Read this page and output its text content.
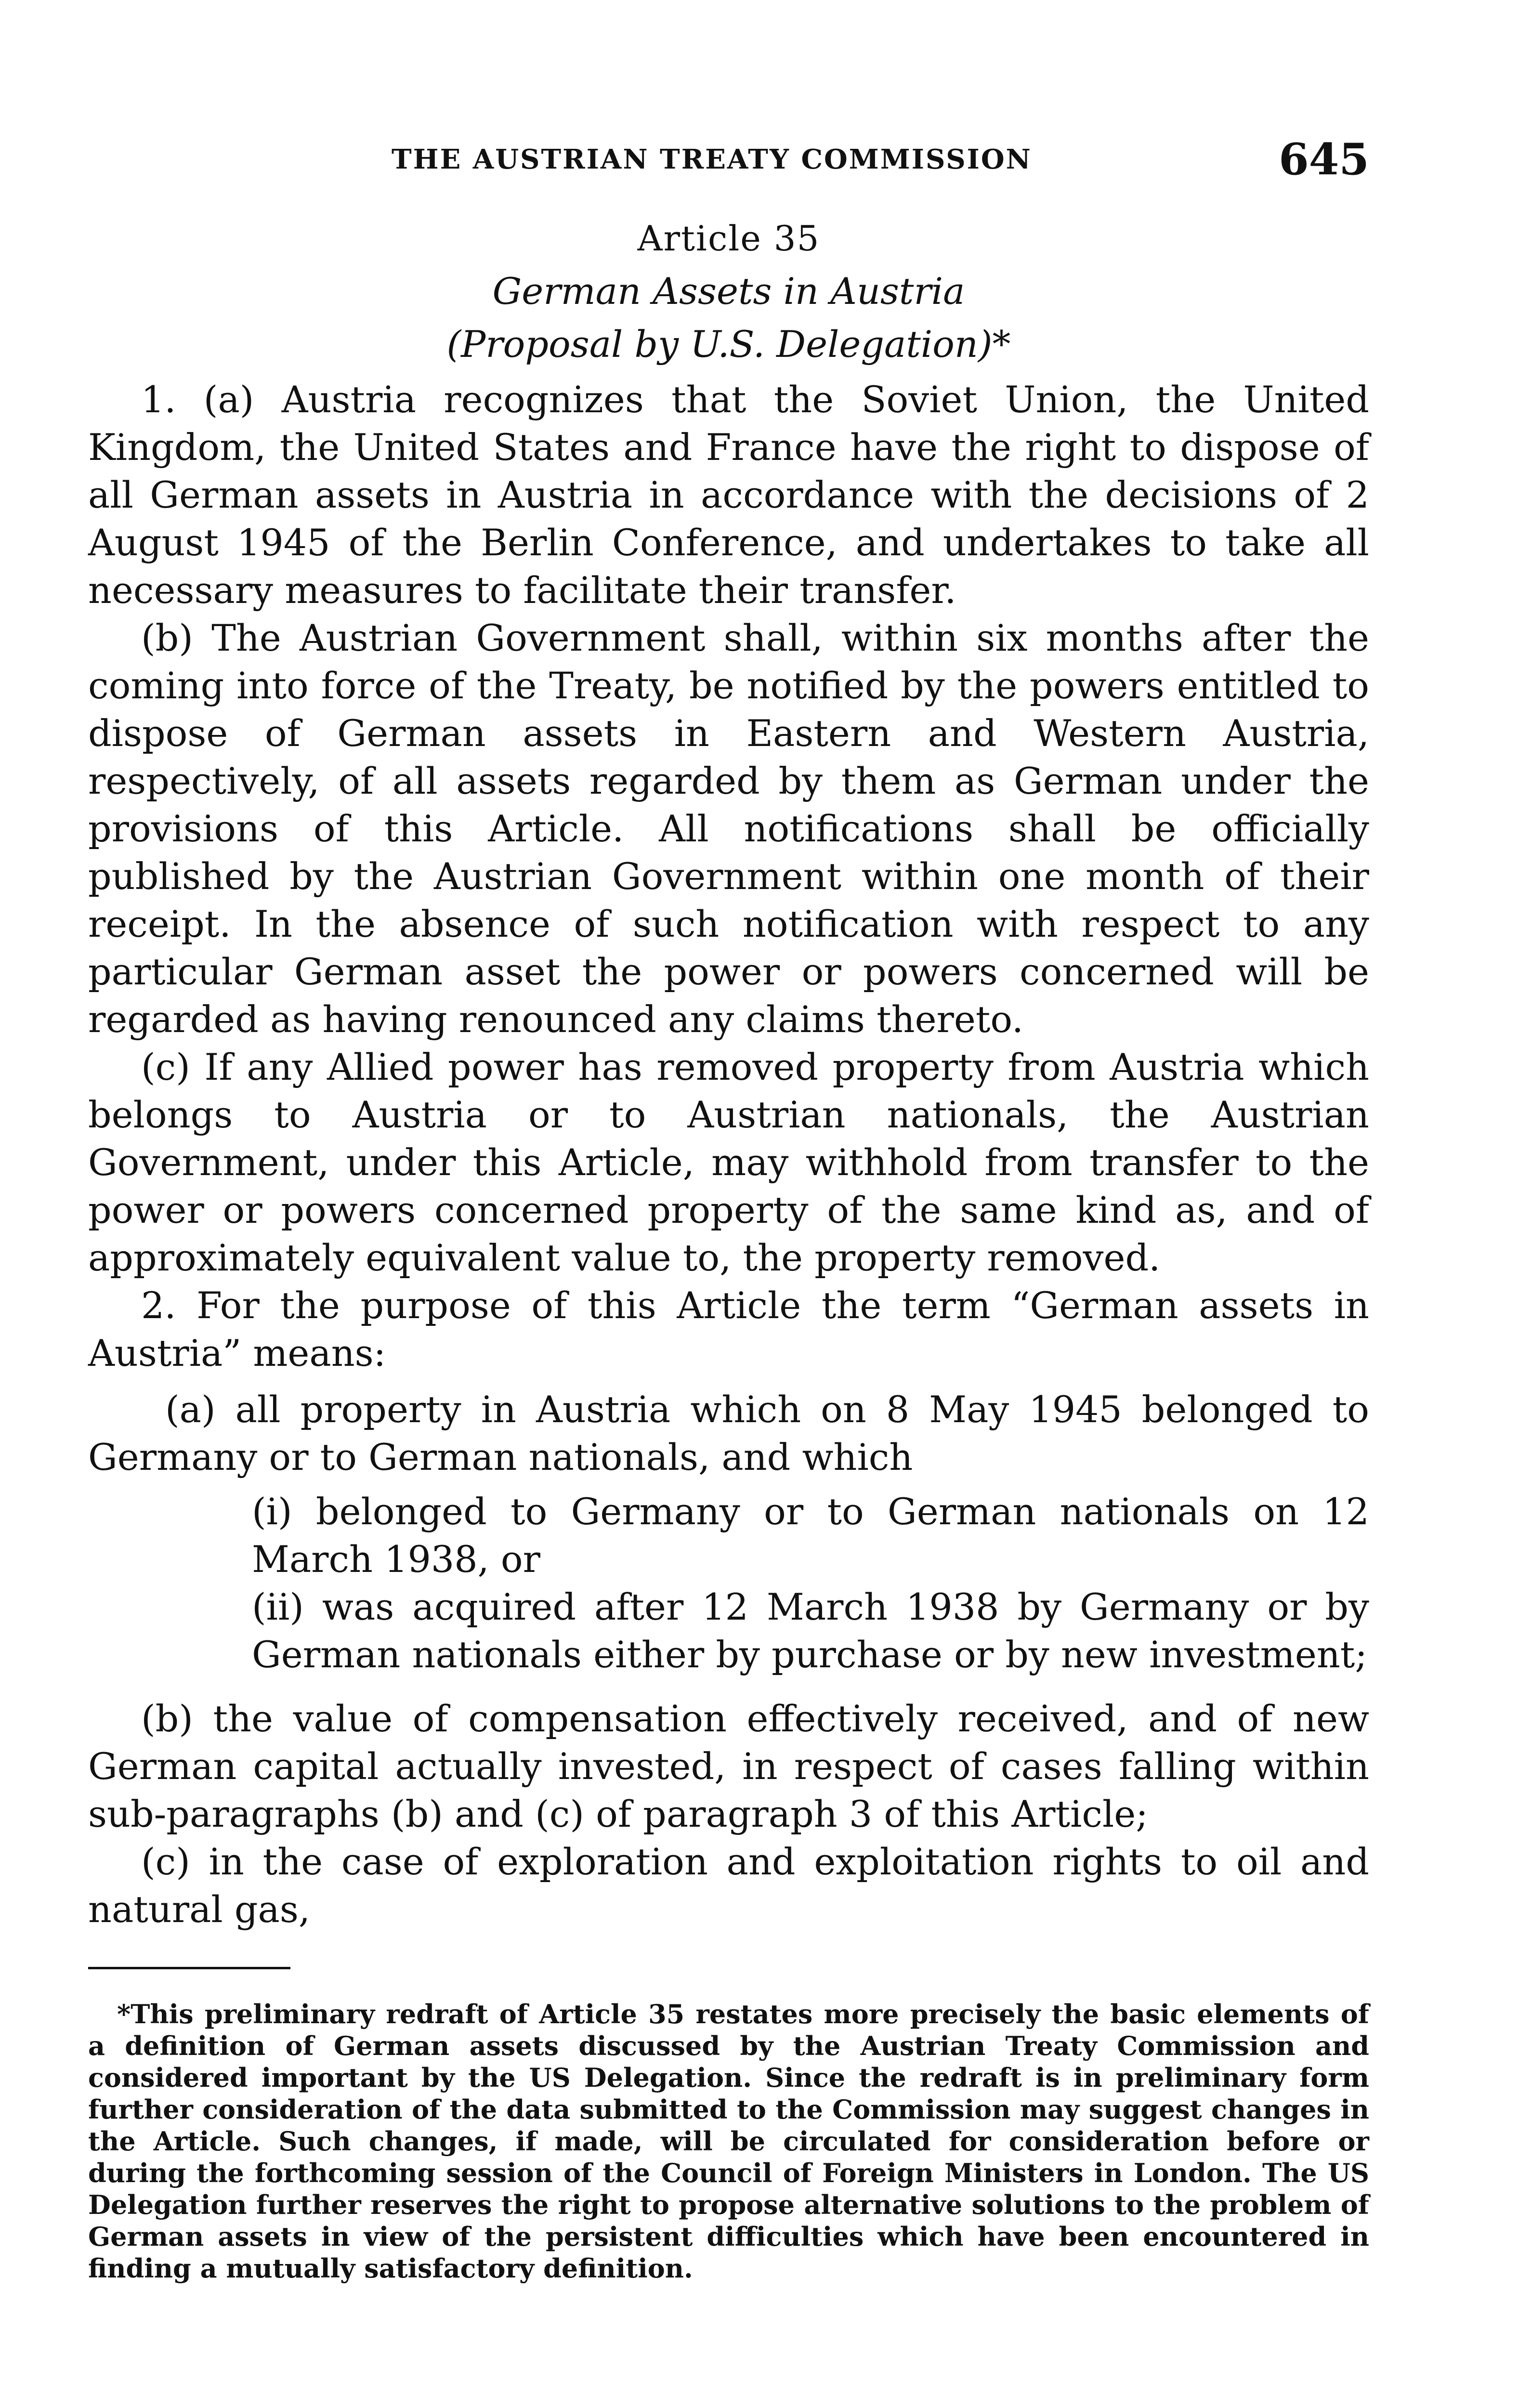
THE AUSTRIAN TREATY COMMISSION	645
Article 35
German Assets in Austria
(Proposal by U.S. Delegation)*

1. (a) Austria recognizes that the Soviet Union, the United Kingdom, the United States and France have the right to dispose of all German assets in Austria in accordance with the decisions of 2 August 1945 of the Berlin Conference, and undertakes to take all necessary measures to facilitate their transfer.

(b) The Austrian Government shall, within six months after the coming into force of the Treaty, be notified by the powers entitled to dispose of German assets in Eastern and Western Austria, respectively, of all assets regarded by them as German under the provisions of this Article. All notifications shall be officially published by the Austrian Government within one month of their receipt. In the absence of such notification with respect to any particular German asset the power or powers concerned will be regarded as having renounced any claims thereto.

(c) If any Allied power has removed property from Austria which belongs to Austria or to Austrian nationals, the Austrian Government, under this Article, may withhold from transfer to the power or powers concerned property of the same kind as, and of approximately equivalent value to, the property removed.

2. For the purpose of this Article the term “German assets in Austria” means:

(a) all property in Austria which on 8 May 1945 belonged to Germany or to German nationals, and which

(i) belonged to Germany or to German nationals on 12 March 1938, or

(ii) was acquired after 12 March 1938 by Germany or by German nationals either by purchase or by new investment;

(b) the value of compensation effectively received, and of new German capital actually invested, in respect of cases falling within sub-paragraphs (b) and (c) of paragraph 3 of this Article;

(c) in the case of exploration and exploitation rights to oil and natural gas,

*This preliminary redraft of Article 35 restates more precisely the basic elements of a definition of German assets discussed by the Austrian Treaty Commission and considered important by the US Delegation. Since the redraft is in preliminary form further consideration of the data submitted to the Commission may suggest changes in the Article. Such changes, if made, will be circulated for consideration before or during the forthcoming session of the Council of Foreign Ministers in London. The US Delegation further reserves the right to propose alternative solutions to the problem of German assets in view of the persistent difficulties which have been encountered in finding a mutually satisfactory definition.
